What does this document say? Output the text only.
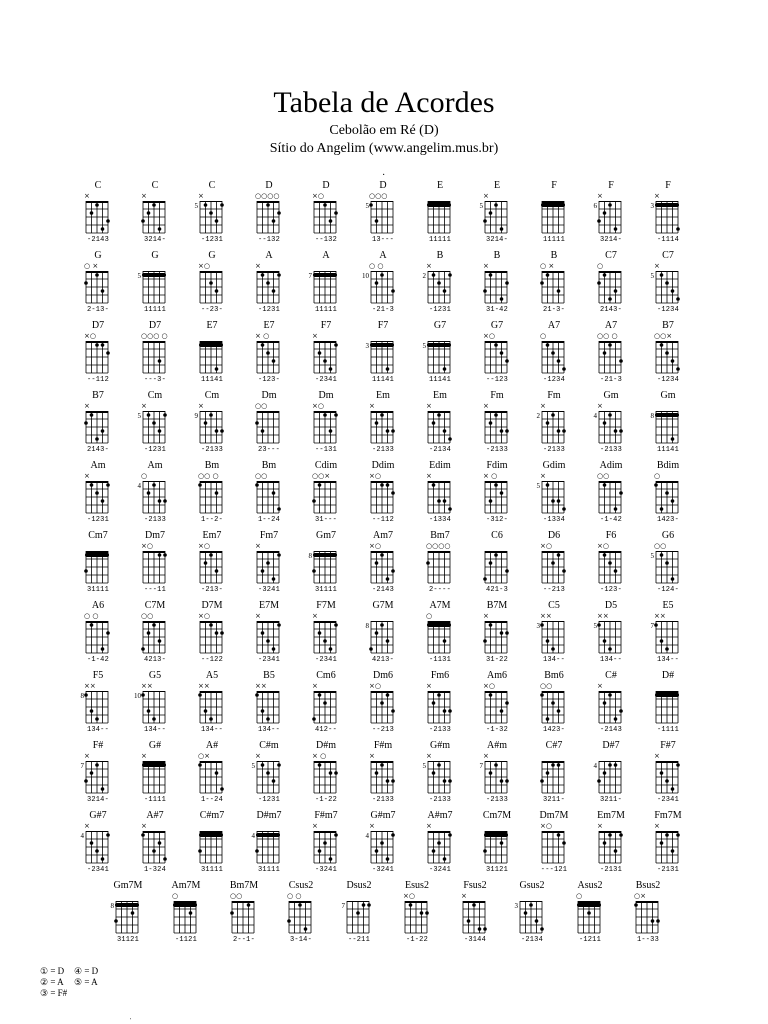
Tabela de Acordes
Cebolão em Ré (D)
Sítio do Angelim (www.angelim.mus.br)
·
C
×
-2143
C
×
3214-
C
×
5
-1231
D
○○○○
--132
D
×○
--132
D
○○○
5
13---
E
11111
E
×
5
3214-
F
11111
F
×
6
3214-
F
×
3
-1114
G
○ ×
2-13-
G
5
11111
G
×○
--23-
A
×
-1231
A
7
11111
A
○ ○
10
-21-3
B
×
2
-1231
B
×
31-42
B
○ ×
21-3-
C7
○
2143-
C7
×
5
-1234
D7
×○
--112
D7
○○○ ○
---3-
E7
11141
E7
× ○
-123-
F7
×
-2341
F7
3
11141
G7
5
11141
G7
×○
--123
A7
○
-1234
A7
○○ ○
-21-3
B7
○○×
-1234
B7
×
2143-
Cm
×
5
-1231
Cm
×
9
-2133
Dm
○○
23---
Dm
×○
--131
Em
×
-2133
Em
×
-2134
Fm
×
-2133
Fm
×
2
-2133
Gm
×
4
-2133
Gm
8
11141
Am
×
-1231
Am
○
4
-2133
Bm
○○ ○
1--2-
Bm
○○
1--24
Cdim
○○×
31---
Ddim
×○
--112
Edim
×
-1334
Fdim
× ○
-312-
Gdim
×
5
-1334
Adim
○○
-1-42
Bdim
○
1423-
Cm7
31111
Dm7
×○
---11
Em7
×○
-213-
Fm7
×
-3241
Gm7
8
31111
Am7
×○
-2143
Bm7
○○○○
2----
C6
421-3
D6
×○
--213
F6
×○
-123-
G6
○○
5
-124-
A6
○ ○
-1-42
C7M
○○
4213-
D7M
×○
--122
E7M
×
-2341
F7M
×
-2341
G7M
8
4213-
A7M
○
-1131
B7M
×
31-22
C5
××
3
134--
D5
××
5
134--
E5
××
7
134--
F5
××
8
134--
G5
××
10
134--
A5
××
134--
B5
××
134--
Cm6
×
412--
Dm6
×○
--213
Fm6
×
-2133
Am6
×○
-1-32
Bm6
○○
1423-
C#
×
-2143
D#
-1111
F#
×
7
3214-
G#
×
-1111
A#
○×
1--24
C#m
×
5
-1231
D#m
× ○
-1-22
F#m
×
-2133
G#m
×
5
-2133
A#m
×
7
-2133
C#7
3211-
D#7
4
3211-
F#7
×
-2341
G#7
×
4
-2341
A#7
×
1-324
C#m7
31111
D#m7
4
31111
F#m7
×
-3241
G#m7
×
4
-3241
A#m7
×
-3241
Cm7M
31121
Dm7M
×○
---121
Em7M
×
-2131
Fm7M
×
-2131
Gm7M
8
31121
Am7M
○
-1121
Bm7M
○○
2--1-
Csus2
○ ○
3-14-
Dsus2
7
--211
Esus2
×○
-1-22
Fsus2
×
-3144
Gsus2
3
-2134
Asus2
○
-1211
Bsus2
○×
1--33
① = D ④ = D
② = A ⑤ = A
③ = F#
'
